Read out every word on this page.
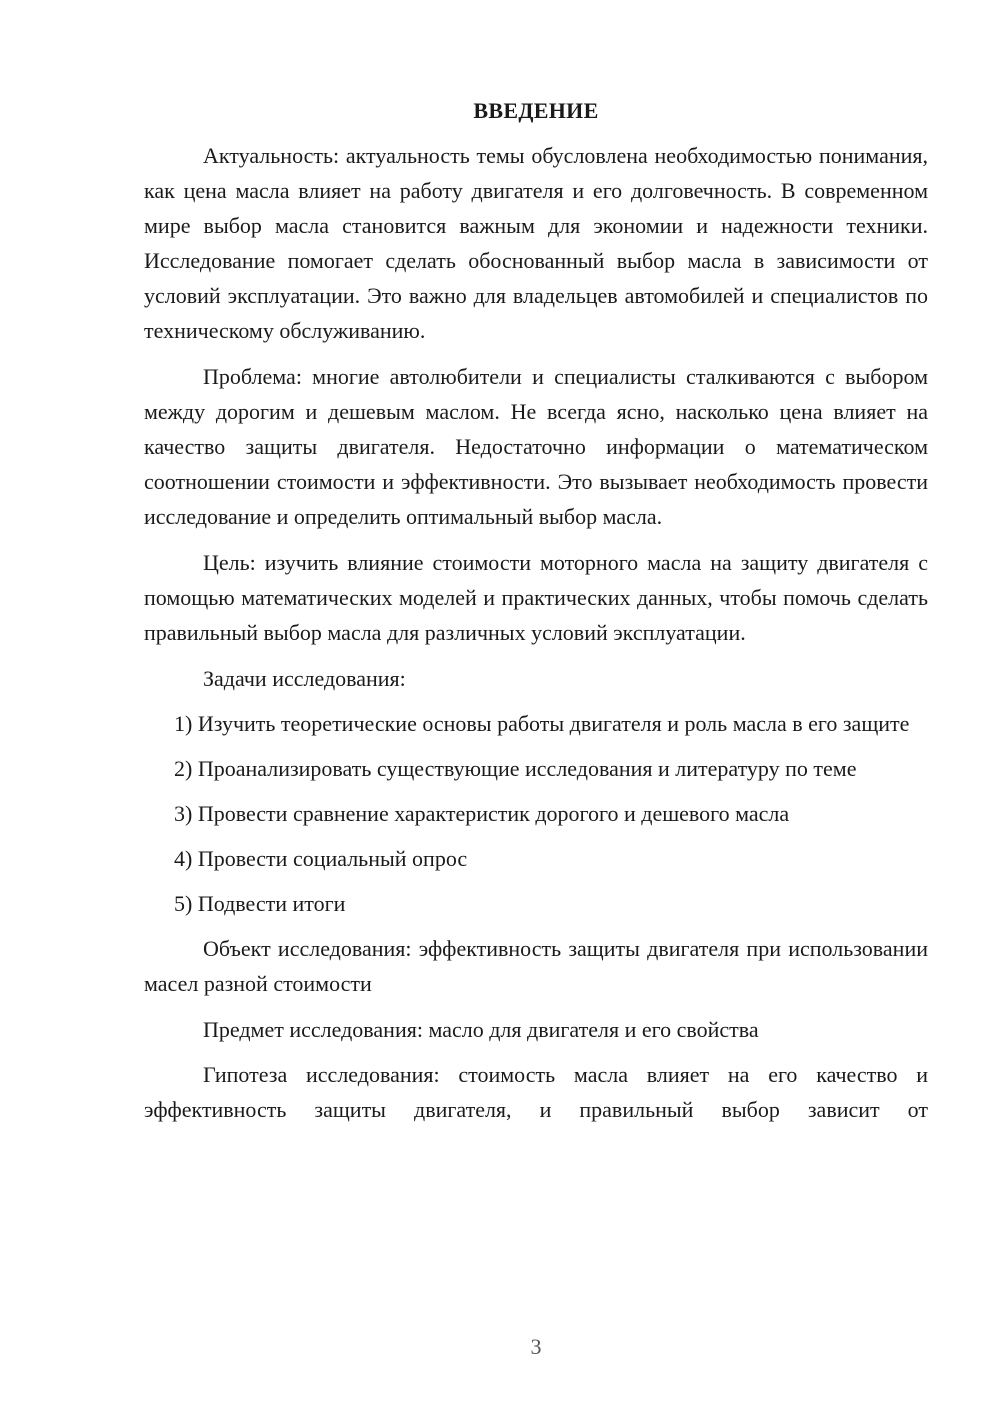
ВВЕДЕНИЕ

Актуальность: актуальность темы обусловлена необходимостью понимания, как цена масла влияет на работу двигателя и его долговечность. В современном мире выбор масла становится важным для экономии и надежности техники. Исследование помогает сделать обоснованный выбор масла в зависимости от условий эксплуатации. Это важно для владельцев автомобилей и специалистов по техническому обслуживанию.

Проблема: многие автолюбители и специалисты сталкиваются с выбором между дорогим и дешевым маслом. Не всегда ясно, насколько цена влияет на качество защиты двигателя. Недостаточно информации о математическом соотношении стоимости и эффективности. Это вызывает необходимость провести исследование и определить оптимальный выбор масла.

Цель: изучить влияние стоимости моторного масла на защиту двигателя с помощью математических моделей и практических данных, чтобы помочь сделать правильный выбор масла для различных условий эксплуатации.

Задачи исследования:

1) Изучить теоретические основы работы двигателя и роль масла в его защите

2) Проанализировать существующие исследования и литературу по теме

3) Провести сравнение характеристик дорогого и дешевого масла

4) Провести социальный опрос

5) Подвести итоги

Объект исследования: эффективность защиты двигателя при использовании масел разной стоимости

Предмет исследования: масло для двигателя и его свойства

Гипотеза исследования: стоимость масла влияет на его качество и эффективность защиты двигателя, и правильный выбор зависит от

3
